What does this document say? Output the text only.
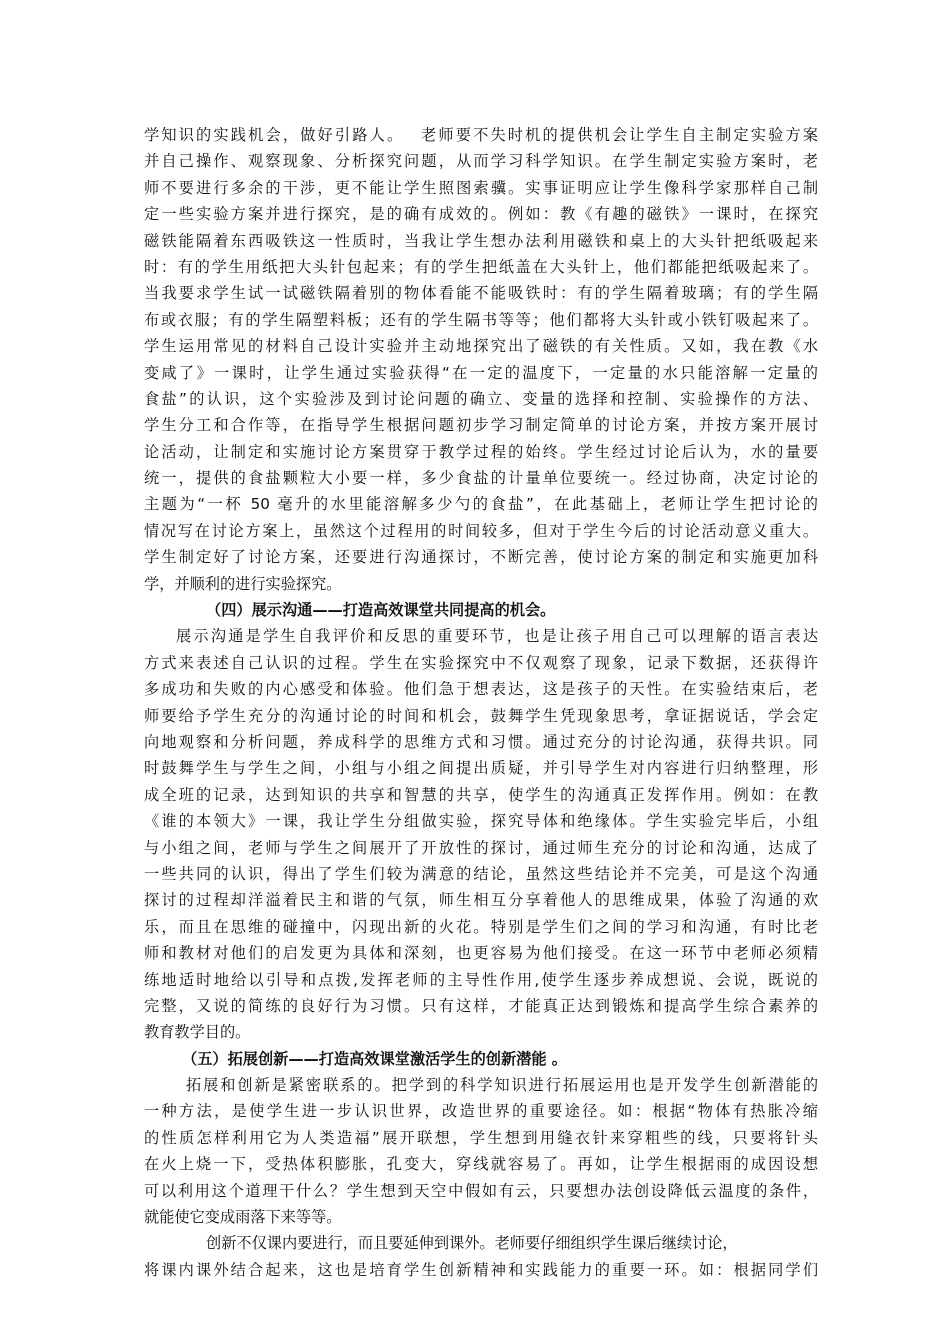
学知识的实践机会，做好引路人。　 老师要不失时机的提供机会让学生自主制定实验方案
并自己操作、观察现象、分析探究问题，从而学习科学知识。在学生制定实验方案时，老
师不要进行多余的干涉，更不能让学生照图索骥。实事证明应让学生像科学家那样自己制
定一些实验方案并进行探究，是的确有成效的。例如：教《有趣的磁铁》一课时，在探究
磁铁能隔着东西吸铁这一性质时，当我让学生想办法利用磁铁和桌上的大头针把纸吸起来
时：有的学生用纸把大头针包起来；有的学生把纸盖在大头针上，他们都能把纸吸起来了。
当我要求学生试一试磁铁隔着别的物体看能不能吸铁时：有的学生隔着玻璃；有的学生隔
布或衣服；有的学生隔塑料板；还有的学生隔书等等；他们都将大头针或小铁钉吸起来了。
学生运用常见的材料自己设计实验并主动地探究出了磁铁的有关性质。又如，我在教《水
变咸了》一课时，让学生通过实验获得“在一定的温度下，一定量的水只能溶解一定量的
食盐”的认识，这个实验涉及到讨论问题的确立、变量的选择和控制、实验操作的方法、
学生分工和合作等，在指导学生根据问题初步学习制定简单的讨论方案，并按方案开展讨
论活动，让制定和实施讨论方案贯穿于教学过程的始终。学生经过讨论后认为，水的量要
统一，提供的食盐颗粒大小要一样，多少食盐的计量单位要统一。经过协商，决定讨论的
主题为“一杯 50 毫升的水里能溶解多少勺的食盐”，在此基础上，老师让学生把讨论的
情况写在讨论方案上，虽然这个过程用的时间较多，但对于学生今后的讨论活动意义重大。
学生制定好了讨论方案，还要进行沟通探讨，不断完善，使讨论方案的制定和实施更加科
学，并顺利的进行实验探究。
（四）展示沟通——打造高效课堂共同提高的机会。
展示沟通是学生自我评价和反思的重要环节，也是让孩子用自己可以理解的语言表达
方式来表述自己认识的过程。学生在实验探究中不仅观察了现象，记录下数据，还获得许
多成功和失败的内心感受和体验。他们急于想表达，这是孩子的天性。在实验结束后，老
师要给予学生充分的沟通讨论的时间和机会，鼓舞学生凭现象思考，拿证据说话，学会定
向地观察和分析问题，养成科学的思维方式和习惯。通过充分的讨论沟通，获得共识。同
时鼓舞学生与学生之间，小组与小组之间提出质疑，并引导学生对内容进行归纳整理，形
成全班的记录，达到知识的共享和智慧的共享，使学生的沟通真正发挥作用。例如：在教
《谁的本领大》一课，我让学生分组做实验，探究导体和绝缘体。学生实验完毕后，小组
与小组之间，老师与学生之间展开了开放性的探讨，通过师生充分的讨论和沟通，达成了
一些共同的认识，得出了学生们较为满意的结论，虽然这些结论并不完美，可是这个沟通
探讨的过程却洋溢着民主和谐的气氛，师生相互分享着他人的思维成果，体验了沟通的欢
乐，而且在思维的碰撞中，闪现出新的火花。特别是学生们之间的学习和沟通，有时比老
师和教材对他们的启发更为具体和深刻，也更容易为他们接受。在这一环节中老师必须精
练地适时地给以引导和点拨,发挥老师的主导性作用,使学生逐步养成想说、会说，既说的
完整，又说的简练的良好行为习惯。只有这样，才能真正达到锻炼和提高学生综合素养的
教育教学目的。
（五）拓展创新——打造高效课堂激活学生的创新潜能 。
拓展和创新是紧密联系的。把学到的科学知识进行拓展运用也是开发学生创新潜能的
一种方法，是使学生进一步认识世界，改造世界的重要途径。如：根据“物体有热胀冷缩
的性质怎样利用它为人类造福”展开联想，学生想到用缝衣针来穿粗些的线，只要将针头
在火上烧一下，受热体积膨胀，孔变大，穿线就容易了。再如，让学生根据雨的成因设想
可以利用这个道理干什么？学生想到天空中假如有云，只要想办法创设降低云温度的条件，
就能使它变成雨落下来等等。
创新不仅课内要进行，而且要延伸到课外。老师要仔细组织学生课后继续讨论，
将课内课外结合起来，这也是培育学生创新精神和实践能力的重要一环。如：根据同学们
